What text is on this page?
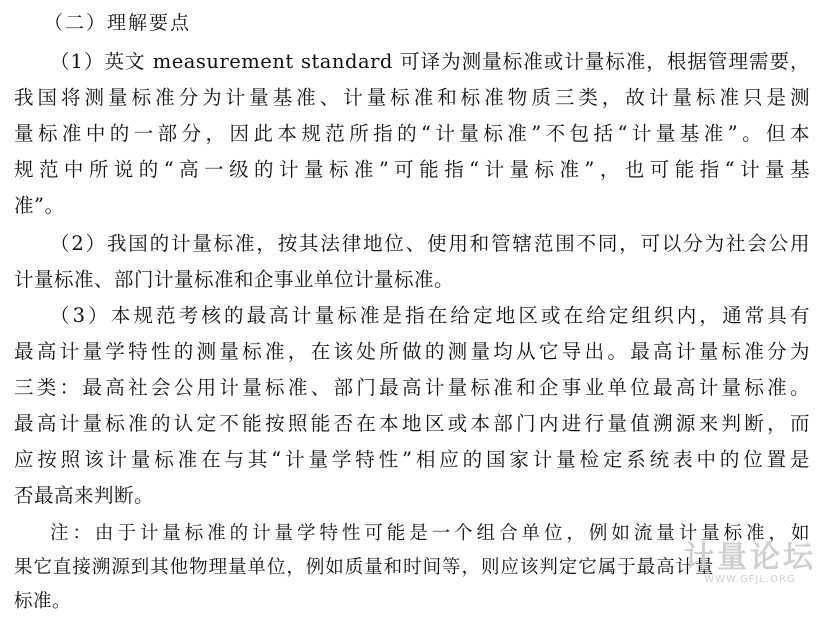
（二）理解要点
（1）英文 measurement standard 可译为测量标准或计量标准，根据管理需要，
我国将测量标准分为计量基准、计量标准和标准物质三类，故计量标准只是测
量标准中的一部分，因此本规范所指的“计量标准”不包括“计量基准”。但本
规范中所说的“高一级的计量标准”可能指“计量标准”，也可能指“计量基
准”。
（2）我国的计量标准，按其法律地位、使用和管辖范围不同，可以分为社会公用
计量标准、部门计量标准和企事业单位计量标准。
（3）本规范考核的最高计量标准是指在给定地区或在给定组织内，通常具有
最高计量学特性的测量标准，在该处所做的测量均从它导出。最高计量标准分为
三类：最高社会公用计量标准、部门最高计量标准和企事业单位最高计量标准。
最高计量标准的认定不能按照能否在本地区或本部门内进行量值溯源来判断，而
应按照该计量标准在与其“计量学特性”相应的国家计量检定系统表中的位置是
否最高来判断。
注：由于计量标准的计量学特性可能是一个组合单位，例如流量计量标准，如
果它直接溯源到其他物理量单位，例如质量和时间等，则应该判定它属于最高计量
标准。
计量论坛
WWW.GFJL.ORG
